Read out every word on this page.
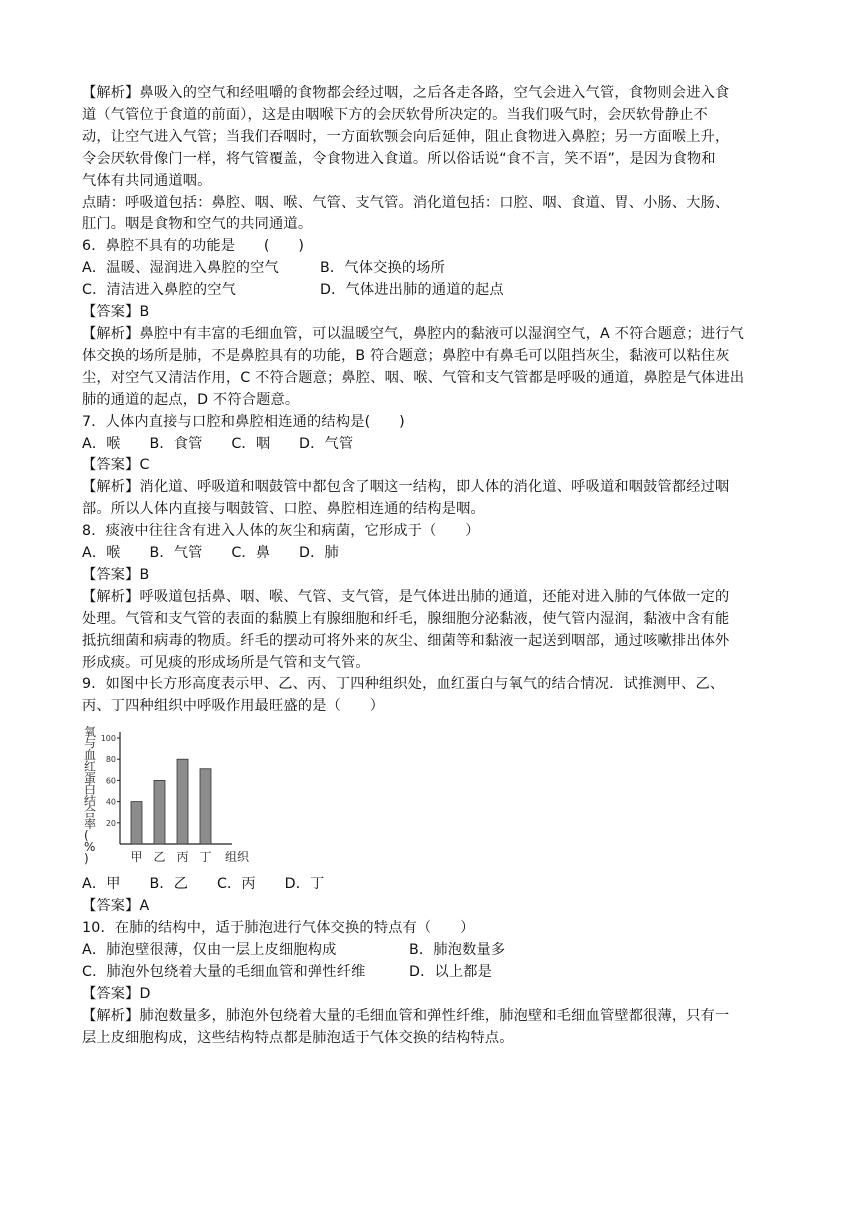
【解析】鼻吸入的空气和经咀嚼的食物都会经过咽，之后各走各路，空气会进入气管，食物则会进入食
道（气管位于食道的前面），这是由咽喉下方的会厌软骨所决定的。当我们吸气时，会厌软骨静止不
动，让空气进入气管；当我们吞咽时，一方面软颚会向后延伸，阻止食物进入鼻腔；另一方面喉上升，
令会厌软骨像门一样，将气管覆盖，令食物进入食道。所以俗话说“食不言，笑不语”，是因为食物和
气体有共同通道咽。
点睛：呼吸道包括：鼻腔、咽、喉、气管、支气管。消化道包括：口腔、咽、食道、胃、小肠、大肠、
肛门。咽是食物和空气的共同通道。
6．鼻腔不具有的功能是　　(　　)
A．温暖、湿润进入鼻腔的空气	B．气体交换的场所
C．清洁进入鼻腔的空气	D．气体进出肺的通道的起点
【答案】B
【解析】鼻腔中有丰富的毛细血管，可以温暖空气，鼻腔内的黏液可以湿润空气，A 不符合题意；进行气
体交换的场所是肺，不是鼻腔具有的功能，B 符合题意；鼻腔中有鼻毛可以阻挡灰尘，黏液可以粘住灰
尘，对空气又清洁作用，C 不符合题意；鼻腔、咽、喉、气管和支气管都是呼吸的通道，鼻腔是气体进出
肺的通道的起点，D 不符合题意。
7．人体内直接与口腔和鼻腔相连通的结构是(　　)
A．喉　　B．食管　　C．咽　　D．气管
【答案】C
【解析】消化道、呼吸道和咽鼓管中都包含了咽这一结构，即人体的消化道、呼吸道和咽鼓管都经过咽
部。所以人体内直接与咽鼓管、口腔、鼻腔相连通的结构是咽。
8．痰液中往往含有进入人体的灰尘和病菌，它形成于（　　）
A．喉　　B．气管　　C．鼻　　D．肺
【答案】B
【解析】呼吸道包括鼻、咽、喉、气管、支气管，是气体进出肺的通道，还能对进入肺的气体做一定的
处理。气管和支气管的表面的黏膜上有腺细胞和纤毛，腺细胞分泌黏液，使气管内湿润，黏液中含有能
抵抗细菌和病毒的物质。纤毛的摆动可将外来的灰尘、细菌等和黏液一起送到咽部，通过咳嗽排出体外
形成痰。可见痰的形成场所是气管和支气管。
9．如图中长方形高度表示甲、乙、丙、丁四种组织处，血红蛋白与氧气的结合情况．试推测甲、乙、
丙、丁四种组织中呼吸作用最旺盛的是（　　）
氧
与
血
红
蛋
白
结
合
率
(
%
)
20
40
60
80
100
甲 乙 丙 丁 组织
A．甲　　B．乙　　C．丙　　D．丁
【答案】A
10．在肺的结构中，适于肺泡进行气体交换的特点有（　　）
A．肺泡壁很薄，仅由一层上皮细胞构成	B．肺泡数量多
C．肺泡外包绕着大量的毛细血管和弹性纤维	D．以上都是
【答案】D
【解析】肺泡数量多，肺泡外包绕着大量的毛细血管和弹性纤维，肺泡壁和毛细血管壁都很薄，只有一
层上皮细胞构成，这些结构特点都是肺泡适于气体交换的结构特点。
